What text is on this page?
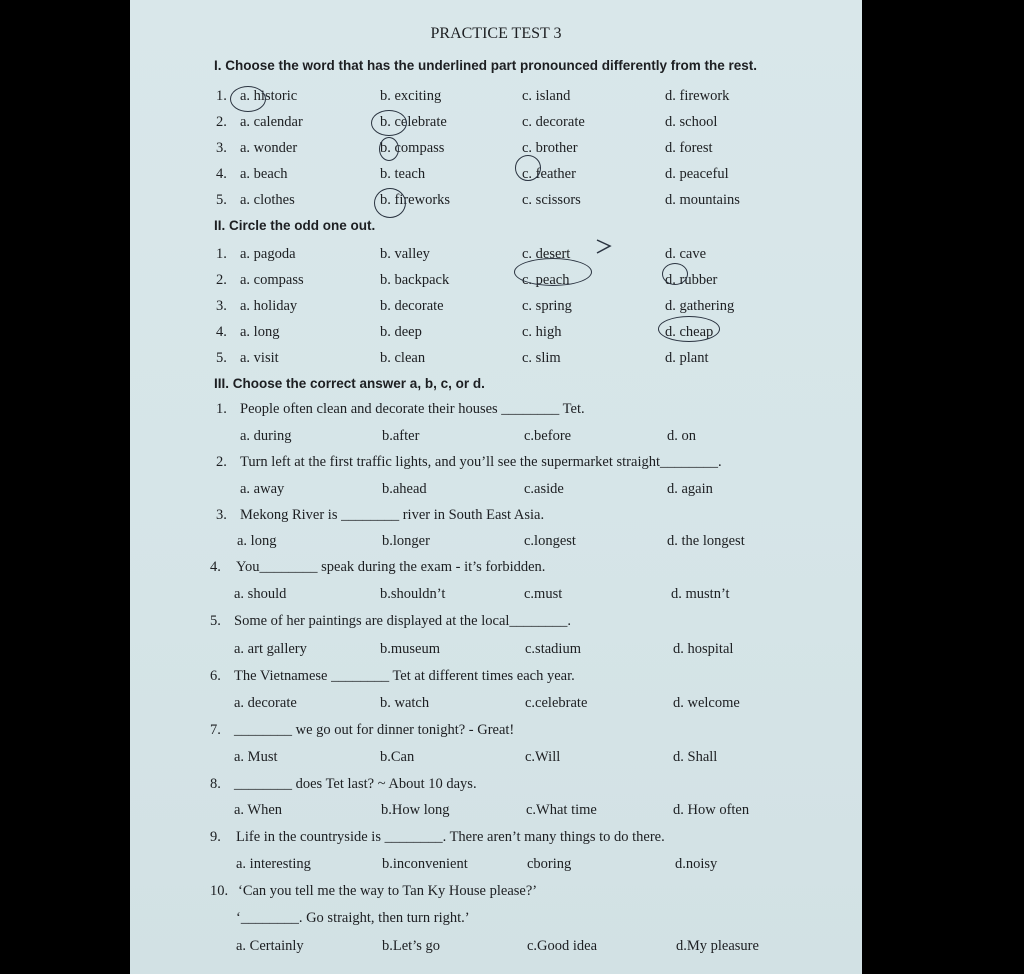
PRACTICE TEST 3
I. Choose the word that has the underlined part pronounced differently from the rest.
1. a. historic	b. exciting	c. island	d. firework
2. a. calendar	b. celebrate	c. decorate	d. school
3. a. wonder	b. compass	c. brother	d. forest
4. a. beach	b. teach	c. feather	d. peaceful
5. a. clothes	b. fireworks	c. scissors	d. mountains
II. Circle the odd one out.
1. a. pagoda	b. valley	c. desert	d. cave
2. a. compass	b. backpack	c. peach	d. rubber
3. a. holiday	b. decorate	c. spring	d. gathering
4. a. long	b. deep	c. high	d. cheap
5. a. visit	b. clean	c. slim	d. plant
III. Choose the correct answer a, b, c, or d.
1. People often clean and decorate their houses ________ Tet.
a. during	b.after	c.before	d. on
2. Turn left at the first traffic lights, and you’ll see the supermarket straight________.
a. away	b.ahead	c.aside	d. again
3. Mekong River is ________ river in South East Asia.
a. long	b.longer	c.longest	d. the longest
4. You________ speak during the exam - it’s forbidden.
a. should	b.shouldn’t	c.must	d. mustn’t
5. Some of her paintings are displayed at the local________.
a. art gallery	b.museum	c.stadium	d. hospital
6. The Vietnamese ________ Tet at different times each year.
a. decorate	b. watch	c.celebrate	d. welcome
7. ________ we go out for dinner tonight? - Great!
a. Must	b.Can	c.Will	d. Shall
8. ________ does Tet last? ~ About 10 days.
a. When	b.How long	c.What time	d. How often
9. Life in the countryside is ________. There aren’t many things to do there.
a. interesting	b.inconvenient	cboring	d.noisy
10. ‘Can you tell me the way to Tan Ky House please?’
‘________. Go straight, then turn right.’
a. Certainly	b.Let’s go	c.Good idea	d.My pleasure
